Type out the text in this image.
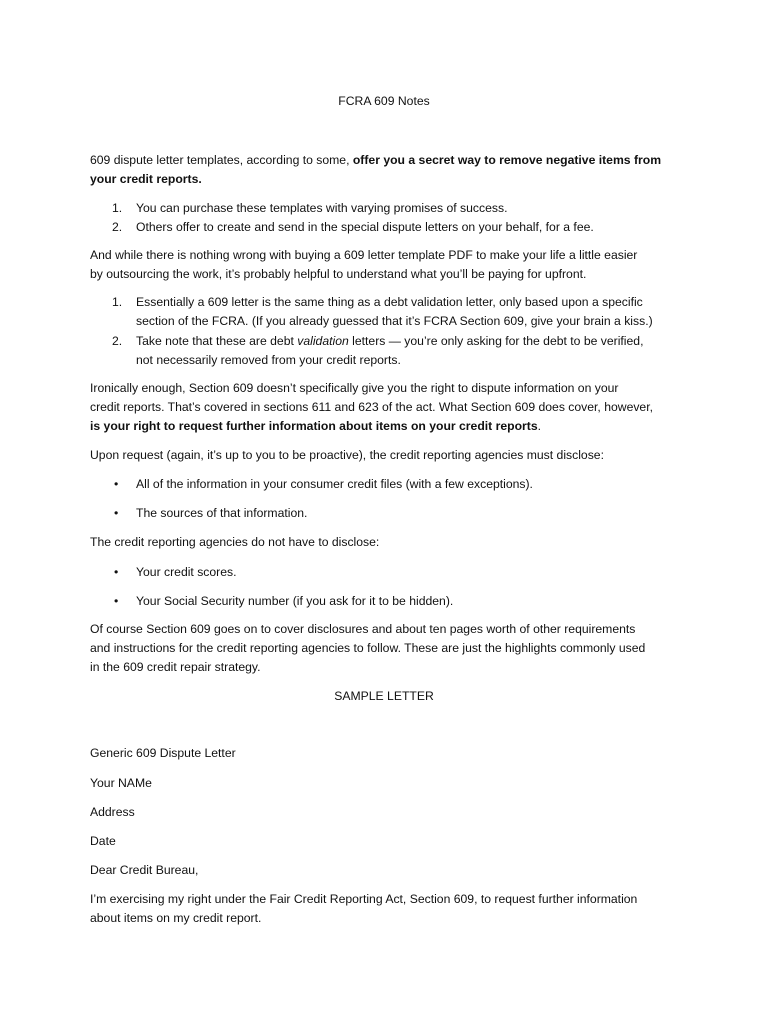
FCRA 609 Notes
609 dispute letter templates, according to some, offer you a secret way to remove negative items from
your credit reports.
1. You can purchase these templates with varying promises of success.
2. Others offer to create and send in the special dispute letters on your behalf, for a fee.
And while there is nothing wrong with buying a 609 letter template PDF to make your life a little easier
by outsourcing the work, it’s probably helpful to understand what you’ll be paying for upfront.
1. Essentially a 609 letter is the same thing as a debt validation letter, only based upon a specific
section of the FCRA. (If you already guessed that it’s FCRA Section 609, give your brain a kiss.)
2. Take note that these are debt validation letters — you’re only asking for the debt to be verified,
not necessarily removed from your credit reports.
Ironically enough, Section 609 doesn’t specifically give you the right to dispute information on your
credit reports. That’s covered in sections 611 and 623 of the act. What Section 609 does cover, however,
is your right to request further information about items on your credit reports.
Upon request (again, it’s up to you to be proactive), the credit reporting agencies must disclose:
• All of the information in your consumer credit files (with a few exceptions).
• The sources of that information.
The credit reporting agencies do not have to disclose:
• Your credit scores.
• Your Social Security number (if you ask for it to be hidden).
Of course Section 609 goes on to cover disclosures and about ten pages worth of other requirements
and instructions for the credit reporting agencies to follow. These are just the highlights commonly used
in the 609 credit repair strategy.
SAMPLE LETTER
Generic 609 Dispute Letter
Your NAMe
Address
Date
Dear Credit Bureau,
I’m exercising my right under the Fair Credit Reporting Act, Section 609, to request further information
about items on my credit report.
